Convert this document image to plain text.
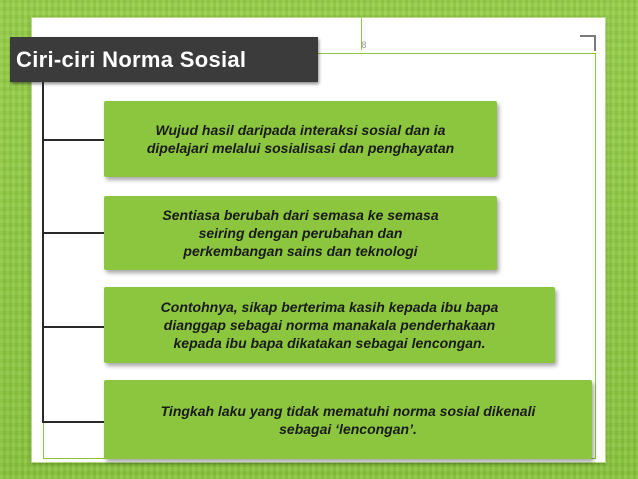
8
Ciri-ciri Norma Sosial
Wujud hasil daripada interaksi sosial dan ia
dipelajari melalui sosialisasi dan penghayatan
Sentiasa berubah dari semasa ke semasa
seiring dengan perubahan dan
perkembangan sains dan teknologi
Contohnya, sikap berterima kasih kepada ibu bapa
dianggap sebagai norma manakala penderhakaan
kepada ibu bapa dikatakan sebagai lencongan.
Tingkah laku yang tidak mematuhi norma sosial dikenali
sebagai ‘lencongan’.
